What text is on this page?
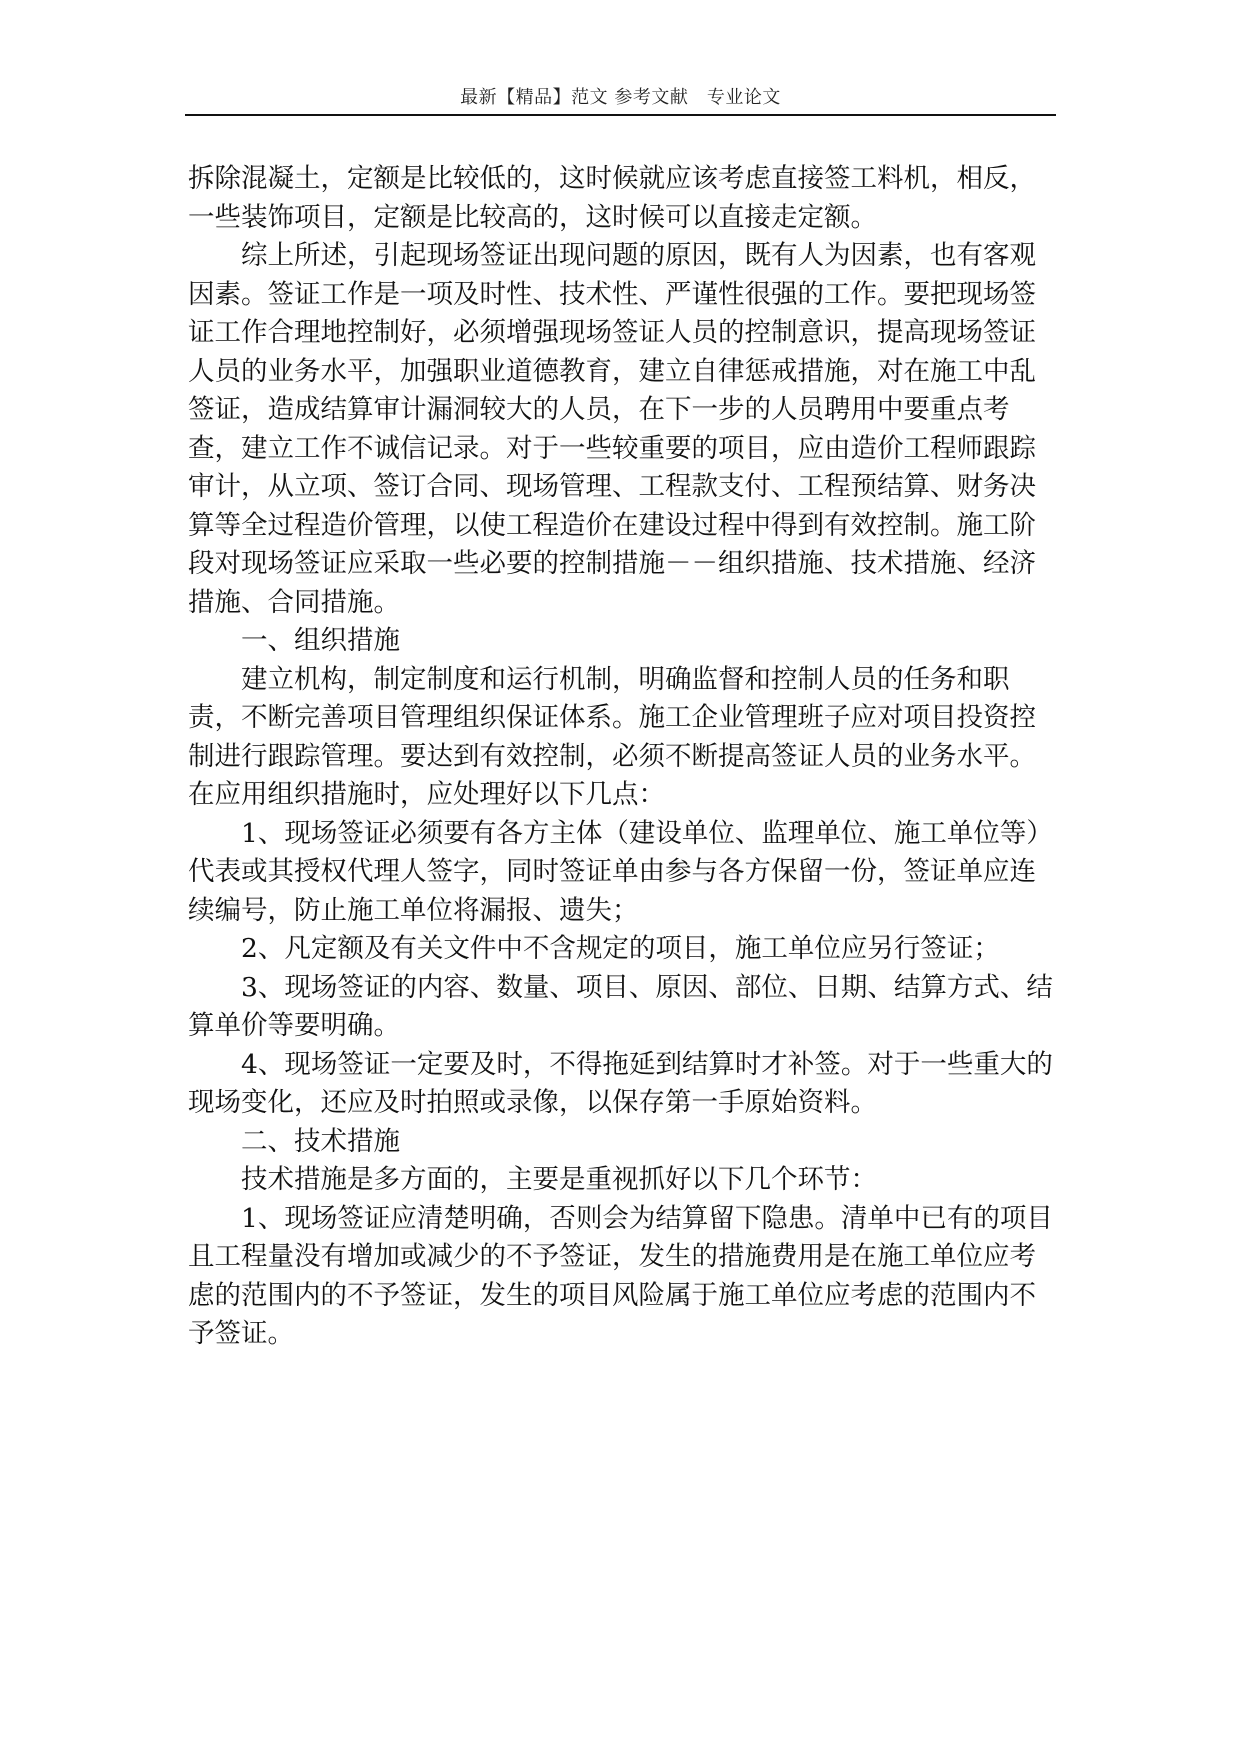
最新【精品】范文 参考文献　专业论文

拆除混凝土，定额是比较低的，这时候就应该考虑直接签工料机，相反，一些装饰项目，定额是比较高的，这时候可以直接走定额。

综上所述，引起现场签证出现问题的原因，既有人为因素，也有客观因素。签证工作是一项及时性、技术性、严谨性很强的工作。要把现场签证工作合理地控制好，必须增强现场签证人员的控制意识，提高现场签证人员的业务水平，加强职业道德教育，建立自律惩戒措施，对在施工中乱签证，造成结算审计漏洞较大的人员，在下一步的人员聘用中要重点考查，建立工作不诚信记录。对于一些较重要的项目，应由造价工程师跟踪审计，从立项、签订合同、现场管理、工程款支付、工程预结算、财务决算等全过程造价管理，以使工程造价在建设过程中得到有效控制。施工阶段对现场签证应采取一些必要的控制措施－－组织措施、技术措施、经济措施、合同措施。

一、组织措施

建立机构，制定制度和运行机制，明确监督和控制人员的任务和职责，不断完善项目管理组织保证体系。施工企业管理班子应对项目投资控制进行跟踪管理。要达到有效控制，必须不断提高签证人员的业务水平。在应用组织措施时，应处理好以下几点：

1、现场签证必须要有各方主体（建设单位、监理单位、施工单位等）代表或其授权代理人签字，同时签证单由参与各方保留一份，签证单应连续编号，防止施工单位将漏报、遗失；

2、凡定额及有关文件中不含规定的项目，施工单位应另行签证；

3、现场签证的内容、数量、项目、原因、部位、日期、结算方式、结算单价等要明确。

4、现场签证一定要及时，不得拖延到结算时才补签。对于一些重大的现场变化，还应及时拍照或录像，以保存第一手原始资料。

二、技术措施

技术措施是多方面的，主要是重视抓好以下几个环节：

1、现场签证应清楚明确，否则会为结算留下隐患。清单中已有的项目且工程量没有增加或减少的不予签证，发生的措施费用是在施工单位应考虑的范围内的不予签证，发生的项目风险属于施工单位应考虑的范围内不予签证。
